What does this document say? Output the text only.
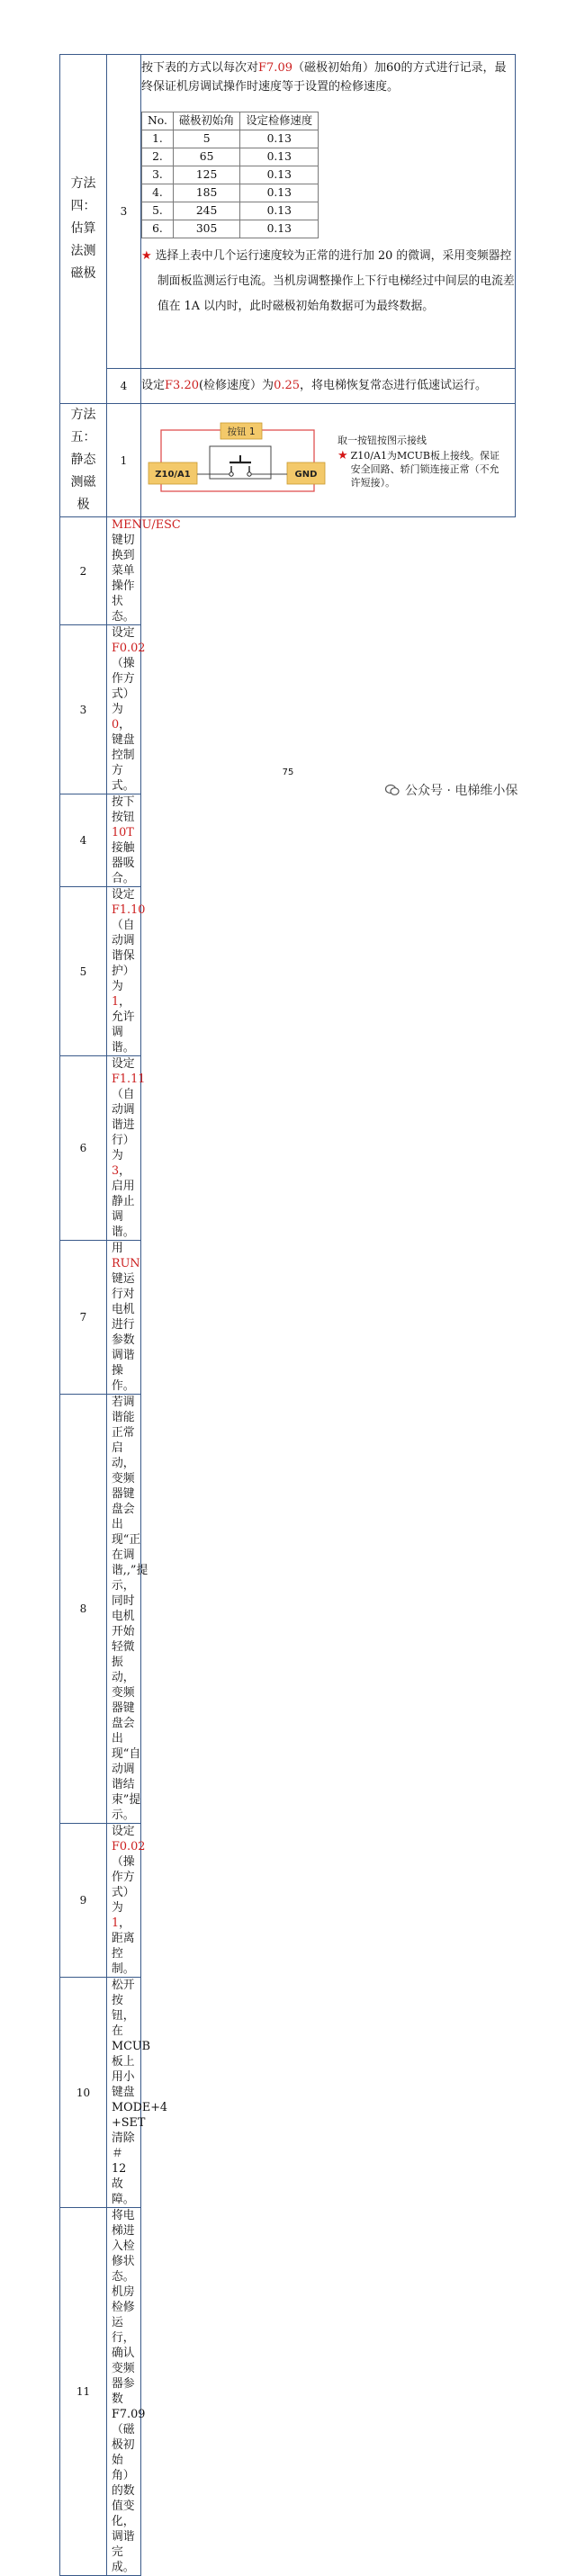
方法
四：
估算
法测
磁极
	3	
按下表的方式以每次对F7.09（磁极初始角）加60的方式进行记录，最终保证机房调试操作时速度等于设置的检修速度。
No.	磁极初始角	设定检修速度
1.	5	0.13
2.	65	0.13
3.	125	0.13
4.	185	0.13
5.	245	0.13
6.	305	0.13
★ 选择上表中几个运行速度较为正常的进行加 20 的微调，采用变频器控制面板监测运行电流。当机房调整操作上下行电梯经过中间层的电流差值在 1A 以内时，此时磁极初始角数据可为最终数据。

4	设定F3.20(检修速度）为0.25，将电梯恢复常态进行低速试运行。

方法
五：
静态
测磁
极
	1	
按钮 1
Z10/A1	GND
取一按钮按图示接线
★ Z10/A1为MCUB板上接线。保证安全回路、轿门锁连接正常（不允许短接）。

2	MENU/ESC键切换到菜单操作状态。
3	设定F0.02（操作方式）为0，键盘控制方式。
4	按下按钮10T接触器吸合。
5	设定F1.10（自动调谐保护）为1，允许调谐。
6	设定F1.11（自动调谐进行）为3，启用静止调谐。
7	用RUN键运行对电机进行参数调谐操作。
8	若调谐能正常启动，变频器键盘会出现“正在调谐,,”提示，同时电机开始轻微振动，变频器键盘会出现“自动调谐结束”提示。
9	设定F0.02（操作方式）为1，距离控制。
10	松开按钮，在MCUB板上用小键盘 MODE+4 +SET清除＃12故障。
11	将电梯进入检修状态。机房检修运行，确认变频器参数F7.09（磁极初始角）的数值变化，调谐完成。
75
公众号 · 电梯维小保
